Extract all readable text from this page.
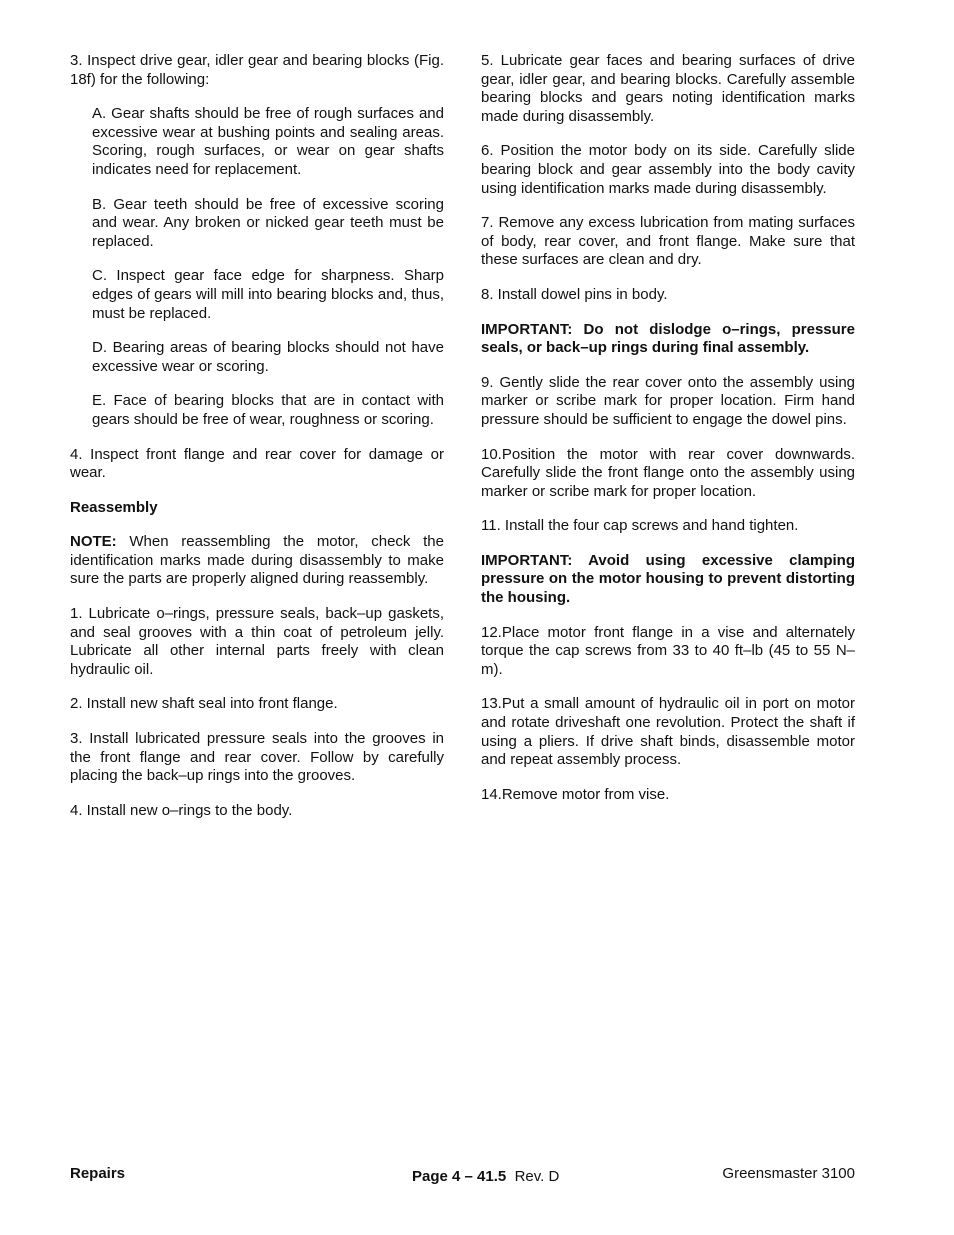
3. Inspect drive gear, idler gear and bearing blocks (Fig. 18f) for the following:

A. Gear shafts should be free of rough surfaces and excessive wear at bushing points and sealing areas. Scoring, rough surfaces, or wear on gear shafts indicates need for replacement.

B. Gear teeth should be free of excessive scoring and wear. Any broken or nicked gear teeth must be replaced.

C. Inspect gear face edge for sharpness. Sharp edges of gears will mill into bearing blocks and, thus, must be replaced.

D. Bearing areas of bearing blocks should not have excessive wear or scoring.

E. Face of bearing blocks that are in contact with gears should be free of wear, roughness or scoring.

4. Inspect front flange and rear cover for damage or wear.

Reassembly

NOTE: When reassembling the motor, check the identification marks made during disassembly to make sure the parts are properly aligned during reassembly.

1. Lubricate o–rings, pressure seals, back–up gaskets, and seal grooves with a thin coat of petroleum jelly. Lubricate all other internal parts freely with clean hydraulic oil.

2. Install new shaft seal into front flange.

3. Install lubricated pressure seals into the grooves in the front flange and rear cover. Follow by carefully placing the back–up rings into the grooves.

4. Install new o–rings to the body.

5. Lubricate gear faces and bearing surfaces of drive gear, idler gear, and bearing blocks. Carefully assemble bearing blocks and gears noting identification marks made during disassembly.

6. Position the motor body on its side. Carefully slide bearing block and gear assembly into the body cavity using identification marks made during disassembly.

7. Remove any excess lubrication from mating surfaces of body, rear cover, and front flange. Make sure that these surfaces are clean and dry.

8. Install dowel pins in body.

IMPORTANT: Do not dislodge o–rings, pressure seals, or back–up rings during final assembly.

9. Gently slide the rear cover onto the assembly using marker or scribe mark for proper location. Firm hand pressure should be sufficient to engage the dowel pins.

10.Position the motor with rear cover downwards. Carefully slide the front flange onto the assembly using marker or scribe mark for proper location.

11. Install the four cap screws and hand tighten.

IMPORTANT: Avoid using excessive clamping pressure on the motor housing to prevent distorting the housing.

12.Place motor front flange in a vise and alternately torque the cap screws from 33 to 40 ft–lb (45 to 55 N–m).

13.Put a small amount of hydraulic oil in port on motor and rotate driveshaft one revolution. Protect the shaft if using a pliers. If drive shaft binds, disassemble motor and repeat assembly process.

14.Remove motor from vise.

Repairs	Page 4 – 41.5 Rev. D	Greensmaster 3100
